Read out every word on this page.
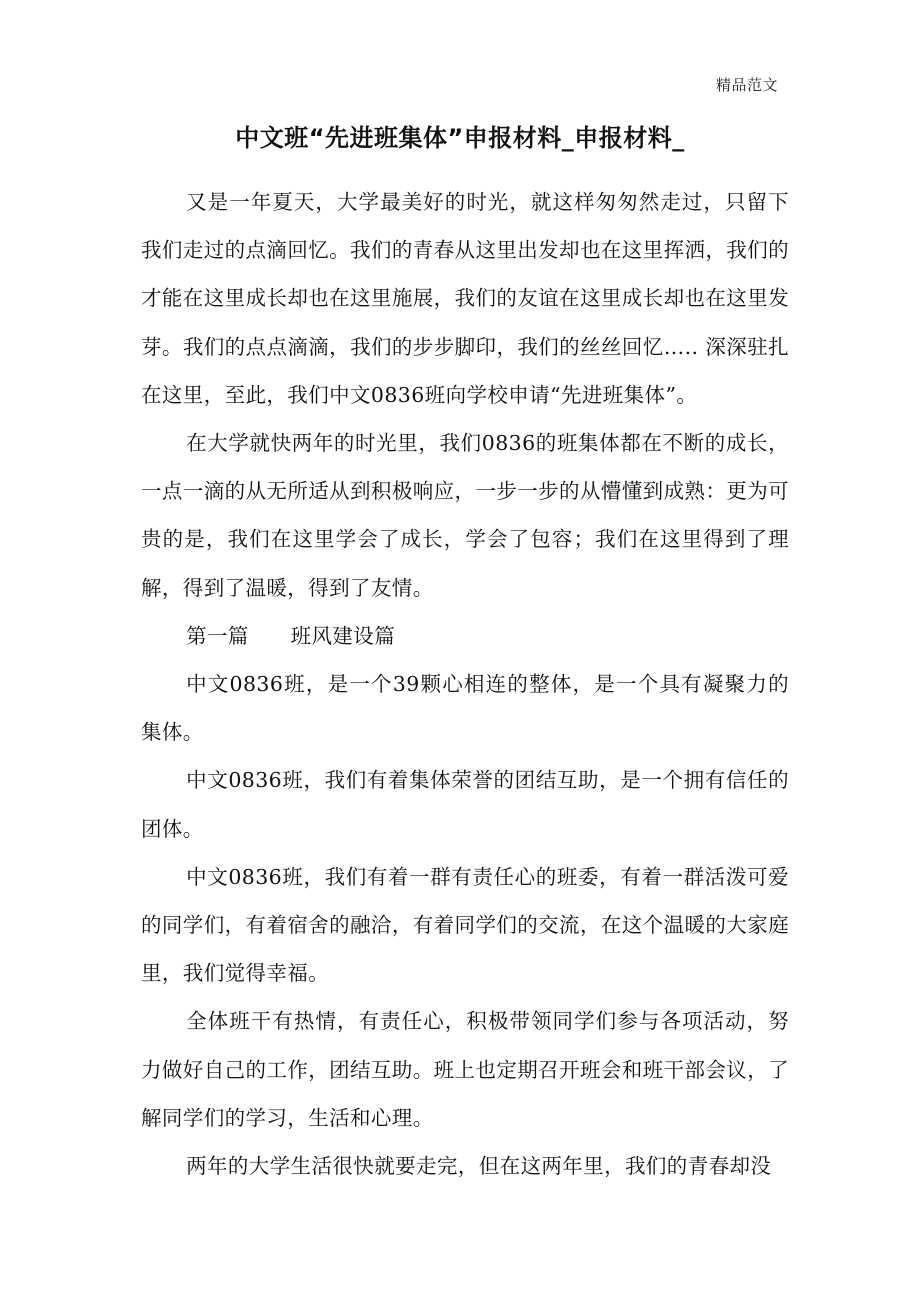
精品范文
中文班“先进班集体”申报材料_申报材料_

又是一年夏天，大学最美好的时光，就这样匆匆然走过，只留下我们走过的点滴回忆。我们的青春从这里出发却也在这里挥洒，我们的才能在这里成长却也在这里施展，我们的友谊在这里成长却也在这里发芽。我们的点点滴滴，我们的步步脚印，我们的丝丝回忆….. 深深驻扎在这里，至此，我们中文0836班向学校申请“先进班集体”。

在大学就快两年的时光里，我们0836的班集体都在不断的成长，一点一滴的从无所适从到积极响应，一步一步的从懵懂到成熟：更为可贵的是，我们在这里学会了成长，学会了包容；我们在这里得到了理解，得到了温暖，得到了友情。

第一篇　　班风建设篇

中文0836班，是一个39颗心相连的整体，是一个具有凝聚力的集体。

中文0836班，我们有着集体荣誉的团结互助，是一个拥有信任的团体。

中文0836班，我们有着一群有责任心的班委，有着一群活泼可爱的同学们，有着宿舍的融洽，有着同学们的交流，在这个温暖的大家庭里，我们觉得幸福。

全体班干有热情，有责任心，积极带领同学们参与各项活动，努力做好自己的工作，团结互助。班上也定期召开班会和班干部会议，了解同学们的学习，生活和心理。

两年的大学生活很快就要走完，但在这两年里，我们的青春却没
